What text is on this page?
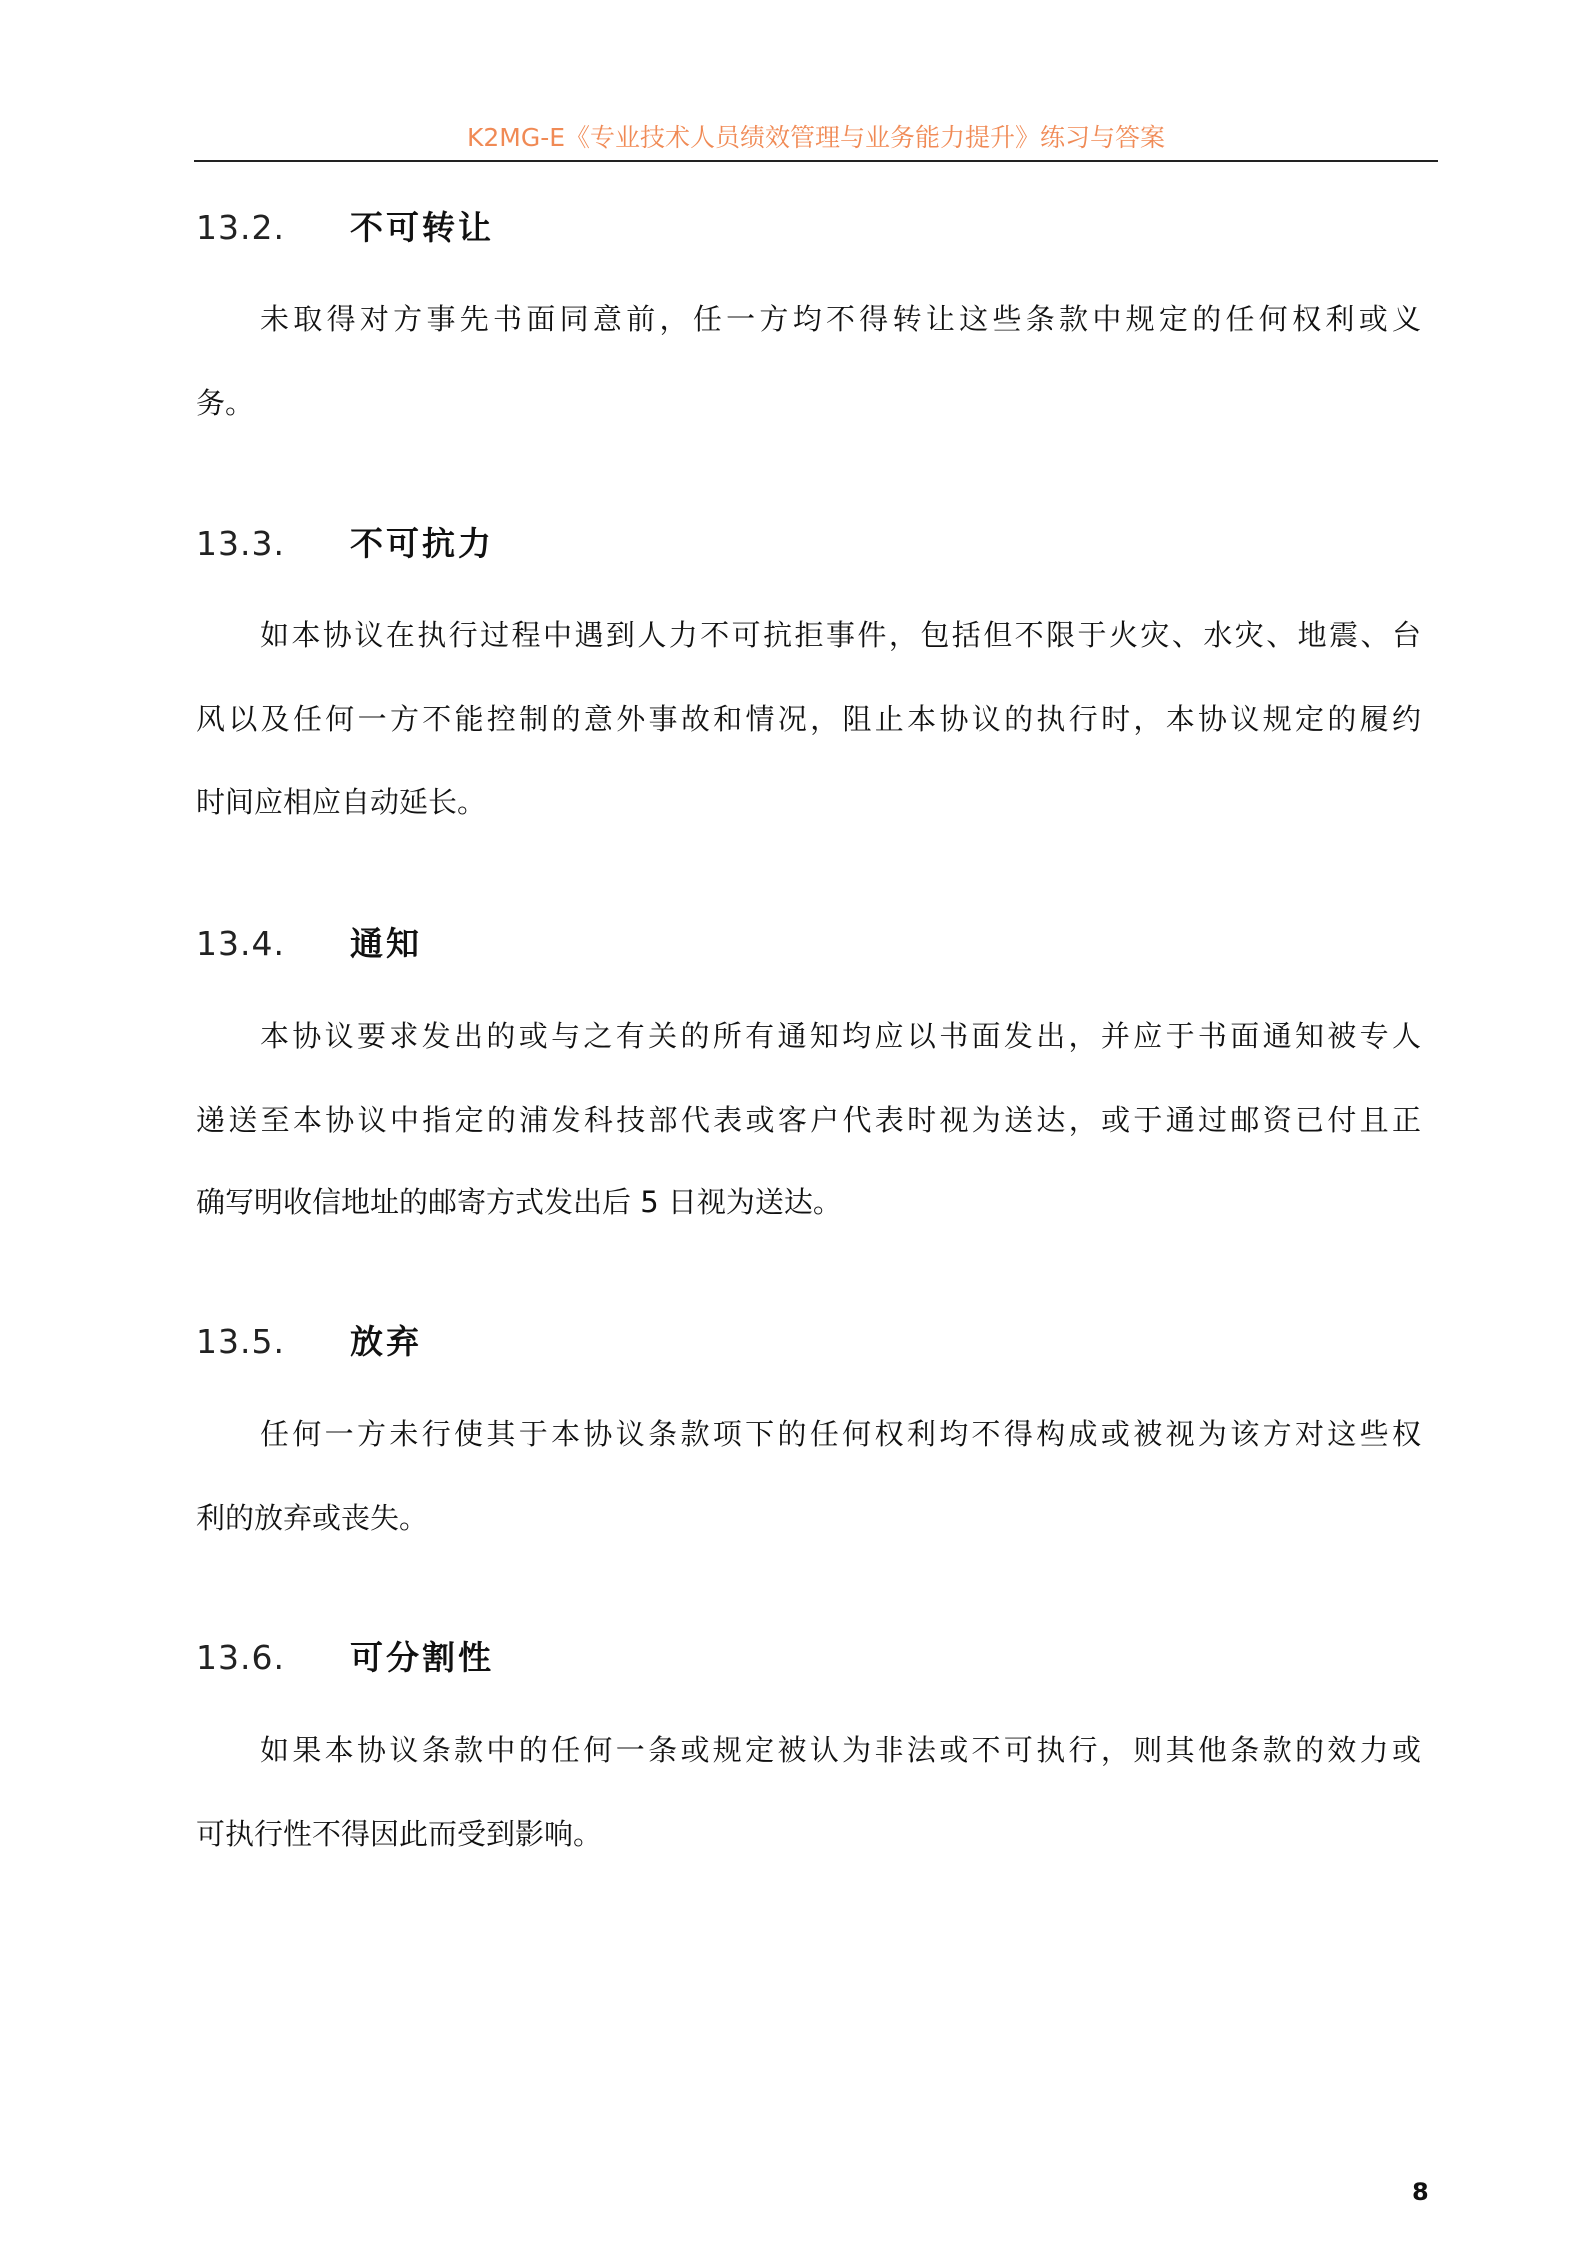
K2MG-E《专业技术人员绩效管理与业务能力提升》练习与答案
13.2. 不可转让
未取得对方事先书面同意前，任一方均不得转让这些条款中规定的任何权利或义
务。
13.3. 不可抗力
如本协议在执行过程中遇到人力不可抗拒事件，包括但不限于火灾、水灾、地震、台
风以及任何一方不能控制的意外事故和情况，阻止本协议的执行时，本协议规定的履约
时间应相应自动延长。
13.4. 通知
本协议要求发出的或与之有关的所有通知均应以书面发出，并应于书面通知被专人
递送至本协议中指定的浦发科技部代表或客户代表时视为送达，或于通过邮资已付且正
确写明收信地址的邮寄方式发出后 5 日视为送达。
13.5. 放弃
任何一方未行使其于本协议条款项下的任何权利均不得构成或被视为该方对这些权
利的放弃或丧失。
13.6. 可分割性
如果本协议条款中的任何一条或规定被认为非法或不可执行，则其他条款的效力或
可执行性不得因此而受到影响。
8
